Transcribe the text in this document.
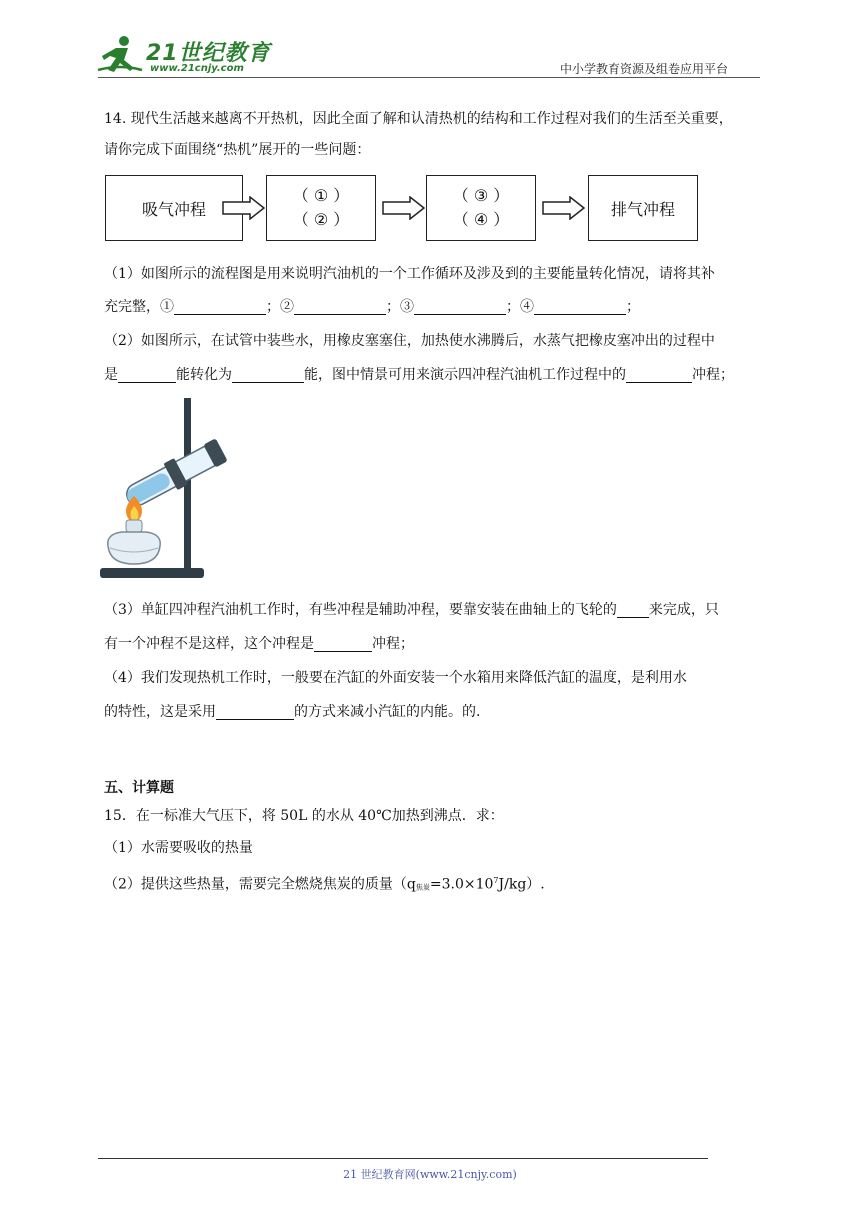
21世纪教育
www.21cnjy.com	中小学教育资源及组卷应用平台
14. 现代生活越来越离不开热机，因此全面了解和认清热机的结构和工作过程对我们的生活至关重要，
请你完成下面围绕“热机”展开的一些问题：
吸气冲程
（ ① ）
（ ② ）
（ ③ ）
（ ④ ）
排气冲程
（1）如图所示的流程图是用来说明汽油机的一个工作循环及涉及到的主要能量转化情况，请将其补
充完整，①	；②	；③	；④	；
（2）如图所示，在试管中装些水，用橡皮塞塞住，加热使水沸腾后，水蒸气把橡皮塞冲出的过程中
是	能转化为	能，图中情景可用来演示四冲程汽油机工作过程中的	冲程；
（3）单缸四冲程汽油机工作时，有些冲程是辅助冲程，要靠安装在曲轴上的飞轮的 来完成，只
有一个冲程不是这样，这个冲程是	冲程；
（4）我们发现热机工作时，一般要在汽缸的外面安装一个水箱用来降低汽缸的温度，是利用水
的特性，这是采用	的方式来减小汽缸的内能。的.
五、计算题
15．在一标准大气压下，将 50L 的水从 40℃加热到沸点．求：
（1）水需要吸收的热量
（2）提供这些热量，需要完全燃烧焦炭的质量$(q_{焦炭}=3.0\times 10^7J/kg)$.
21 世纪教育网(www.21cnjy.com)
